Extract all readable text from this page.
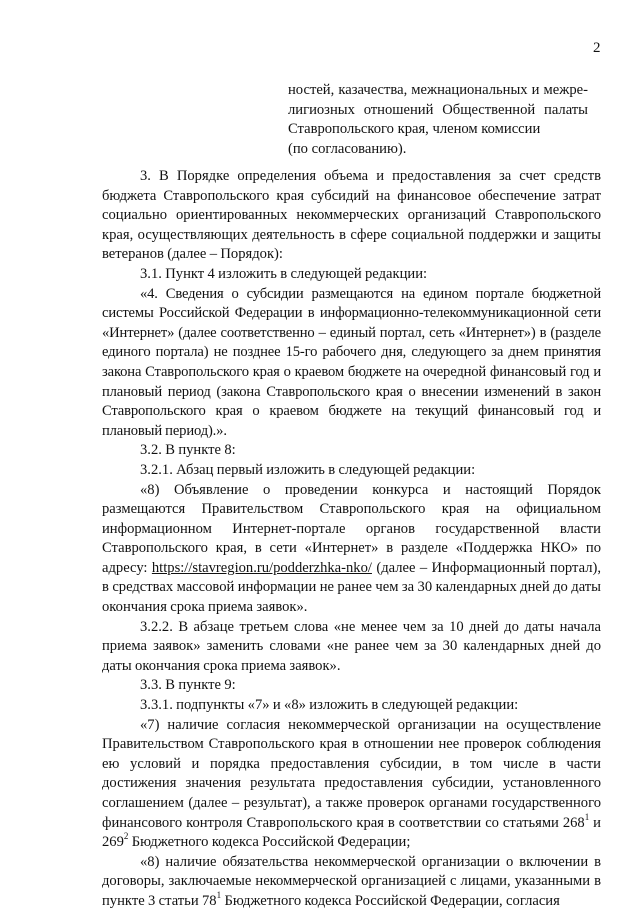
2
ностей, казачества, межнациональных и межре-
лигиозных отношений Общественной палаты
Ставропольского края, членом комиссии
(по согласованию).

3. В Порядке определения объема и предоставления за счет средств бюджета Ставропольского края субсидий на финансовое обеспечение затрат социально ориентированных некоммерческих организаций Ставропольского края, осуществляющих деятельность в сфере социальной поддержки и защиты ветеранов (далее – Порядок):

3.1. Пункт 4 изложить в следующей редакции:

«4. Сведения о субсидии размещаются на едином портале бюджетной системы Российской Федерации в информационно-телекоммуникационной сети «Интернет» (далее соответственно – единый портал, сеть «Интернет») в (разделе единого портала) не позднее 15-го рабочего дня, следующего за днем принятия закона Ставропольского края о краевом бюджете на очередной финансовый год и плановый период (закона Ставропольского края о внесении изменений в закон Ставропольского края о краевом бюджете на текущий финансовый год и плановый период).».

3.2. В пункте 8:

3.2.1. Абзац первый изложить в следующей редакции:

«8) Объявление о проведении конкурса и настоящий Порядок размещаются Правительством Ставропольского края на официальном информационном Интернет-портале органов государственной власти Ставропольского края, в сети «Интернет» в разделе «Поддержка НКО» по адресу: https://stavregion.ru/podderzhka-nko/ (далее – Информационный портал), в средствах массовой информации не ранее чем за 30 календарных дней до даты окончания срока приема заявок».

3.2.2. В абзаце третьем слова «не менее чем за 10 дней до даты начала приема заявок» заменить словами «не ранее чем за 30 календарных дней до даты окончания срока приема заявок».

3.3. В пункте 9:

3.3.1. подпункты «7» и «8» изложить в следующей редакции:

«7) наличие согласия некоммерческой организации на осуществление Правительством Ставропольского края в отношении нее проверок соблюдения ею условий и порядка предоставления субсидии, в том числе в части достижения значения результата предоставления субсидии, установленного соглашением (далее – результат), а также проверок органами государственного финансового контроля Ставропольского края в соответствии со статьями $268^1$ и $269^2$ Бюджетного кодекса Российской Федерации;

«8) наличие обязательства некоммерческой организации о включении в договоры, заключаемые некоммерческой организацией с лицами, указанными в пункте 3 статьи $78^1$ Бюджетного кодекса Российской Федерации, согласия
